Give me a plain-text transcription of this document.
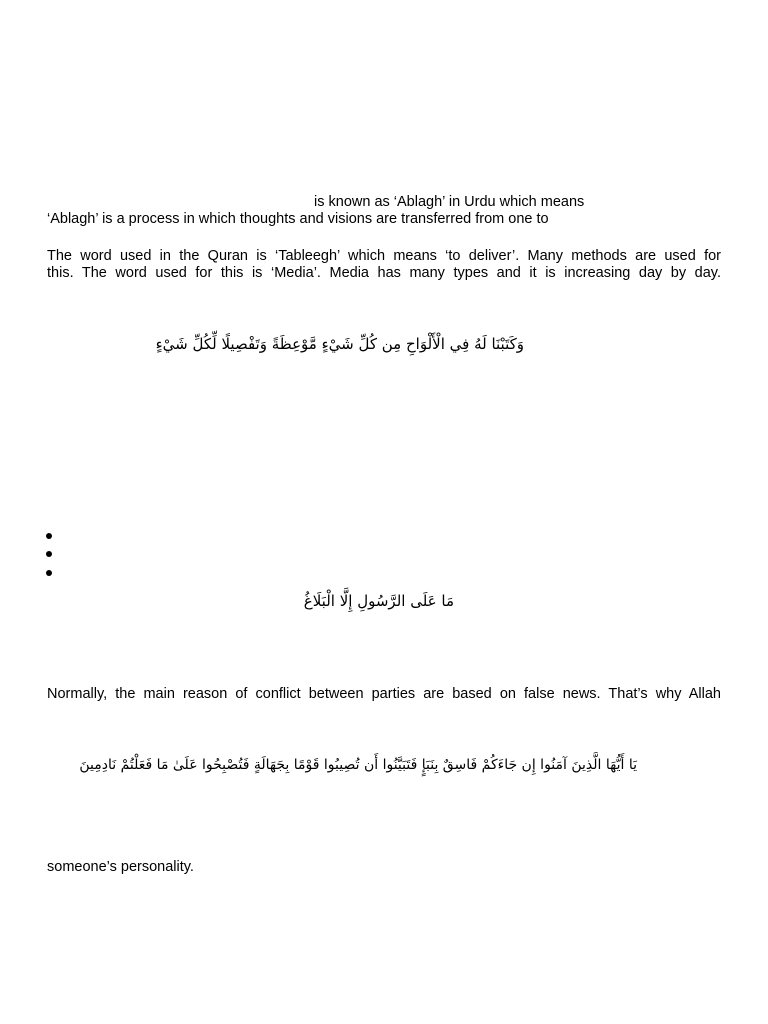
is known as ‘Ablagh’ in Urdu which means
‘Ablagh’ is a process in which thoughts and visions are transferred from one to
The word used in the Quran is ‘Tableegh’ which means ‘to deliver’. Many methods are used for
this. The word used for this is ‘Media’. Media has many types and it is increasing day by day.
وَكَتَبْنَا لَهُ فِي الْأَلْوَاحِ مِن كُلِّ شَيْءٍ مَّوْعِظَةً وَتَفْصِيلًا لِّكُلِّ شَيْءٍ
مَا عَلَى الرَّسُولِ إِلَّا الْبَلَاغُ
Normally, the main reason of conflict between parties are based on false news. That’s why Allah
يَا أَيُّهَا الَّذِينَ آمَنُوا إِن جَاءَكُمْ فَاسِقٌ بِنَبَإٍ فَتَبَيَّنُوا أَن تُصِيبُوا قَوْمًا بِجَهَالَةٍ فَتُصْبِحُوا عَلَىٰ مَا فَعَلْتُمْ نَادِمِينَ
someone’s personality.
